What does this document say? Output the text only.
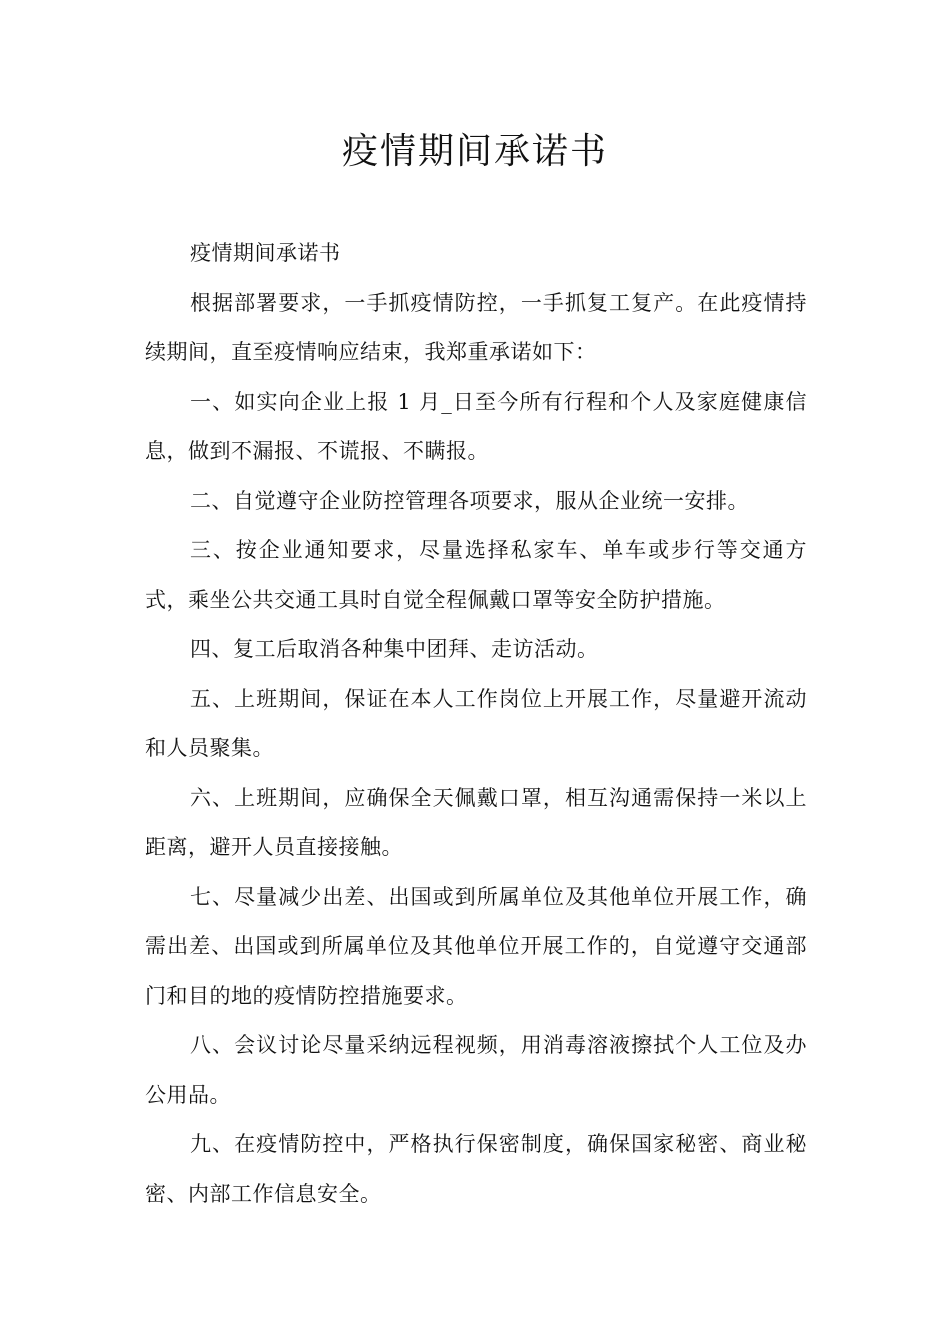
疫情期间承诺书

疫情期间承诺书

根据部署要求，一手抓疫情防控，一手抓复工复产。在此疫情持续期间，直至疫情响应结束，我郑重承诺如下：

一、如实向企业上报 1 月_日至今所有行程和个人及家庭健康信息，做到不漏报、不谎报、不瞒报。

二、自觉遵守企业防控管理各项要求，服从企业统一安排。

三、按企业通知要求，尽量选择私家车、单车或步行等交通方式，乘坐公共交通工具时自觉全程佩戴口罩等安全防护措施。

四、复工后取消各种集中团拜、走访活动。

五、上班期间，保证在本人工作岗位上开展工作，尽量避开流动和人员聚集。

六、上班期间，应确保全天佩戴口罩，相互沟通需保持一米以上距离，避开人员直接接触。

七、尽量减少出差、出国或到所属单位及其他单位开展工作，确需出差、出国或到所属单位及其他单位开展工作的，自觉遵守交通部门和目的地的疫情防控措施要求。

八、会议讨论尽量采纳远程视频，用消毒溶液擦拭个人工位及办公用品。

九、在疫情防控中，严格执行保密制度，确保国家秘密、商业秘密、内部工作信息安全。
